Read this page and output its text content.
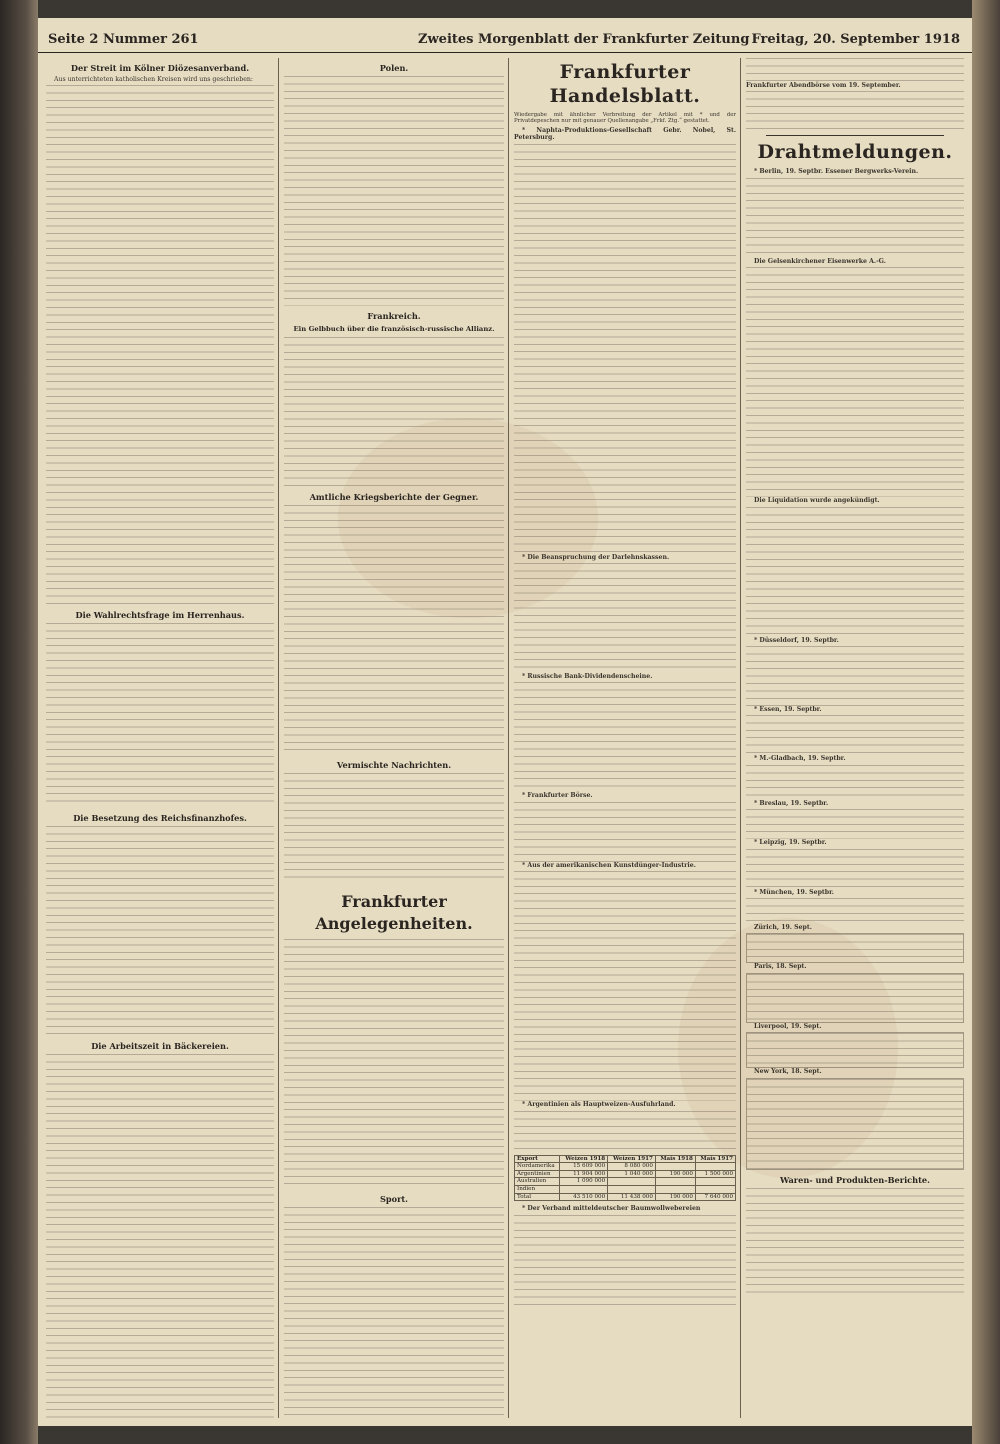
Seite 2 Nummer 261	Zweites Morgenblatt der Frankfurter Zeitung Freitag, 20. September 1918
Der Streit im Kölner Diözesanverband.
Aus unterrichteten katholischen Kreisen wird uns geschrieben:
Die Wahlrechtsfrage im Herrenhaus.
Die Besetzung des Reichsfinanzhofes.
Die Arbeitszeit in Bäckereien.
Polen.
Frankreich.
Ein Gelbbuch über die französisch-russische Allianz.
Amtliche Kriegsberichte der Gegner.
Vermischte Nachrichten.
Frankfurter Angelegenheiten.
Sport.
Frankfurter Handelsblatt.
Wiedergabe mit ähnlicher Verbreitung der Artikel mit * und der Privatdepeschen nur mit genauer Quellenangabe „Frkf. Ztg.“ gestattet.
* Naphta-Produktions-Gesellschaft Gebr. Nobel, St. Petersburg.
* Die Beanspruchung der Darlehnskassen.
* Russische Bank-Dividendenscheine.
* Frankfurter Börse.
* Aus der amerikanischen Kunstdünger-Industrie.
* Argentinien als Hauptweizen-Ausfuhrland.
Export	Weizen 1918	Weizen 1917	Mais 1918	Mais 1917
Nordamerika	15 609 000	8 080 000		
Argentinien	11 904 000	1 040 000	190 000	1 500 000
Australien	1 090 000			
Indien				
Total	43 510 000	11 438 000	190 000	7 640 000
* Der Verband mitteldeutscher Baumwollwebereien
Frankfurter Abendbörse vom 19. September.
Drahtmeldungen.
* Berlin, 19. Septbr. Essener Bergwerks-Verein.
Die Gelsenkirchener Eisenwerke A.-G.
Die Liquidation wurde angekündigt.
* Düsseldorf, 19. Septbr.
* Essen, 19. Septbr.
* M.-Gladbach, 19. Septbr.
* Breslau, 19. Septbr.
* Leipzig, 19. Septbr.
* München, 19. Septbr.
Zürich, 19. Sept.
Paris, 18. Sept.
Liverpool, 19. Sept.
New York, 18. Sept.
Waren- und Produkten-Berichte.
